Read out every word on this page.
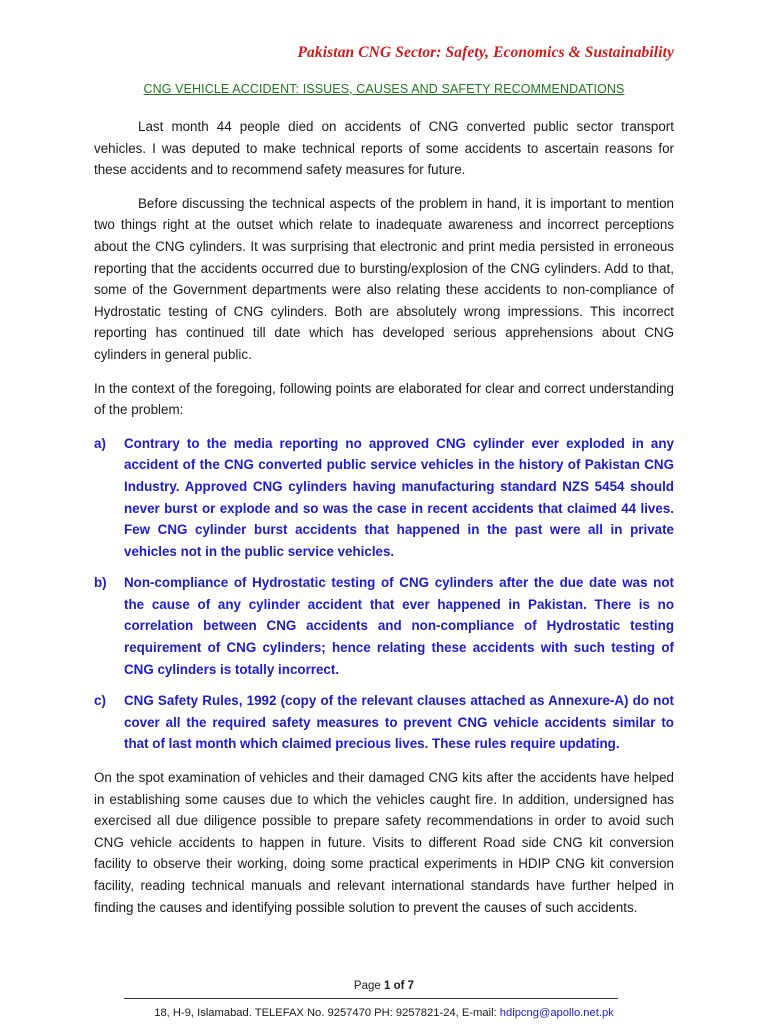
Pakistan CNG Sector: Safety, Economics & Sustainability
CNG VEHICLE ACCIDENT: ISSUES, CAUSES AND SAFETY RECOMMENDATIONS

Last month 44 people died on accidents of CNG converted public sector transport vehicles. I was deputed to make technical reports of some accidents to ascertain reasons for these accidents and to recommend safety measures for future.

Before discussing the technical aspects of the problem in hand, it is important to mention two things right at the outset which relate to inadequate awareness and incorrect perceptions about the CNG cylinders. It was surprising that electronic and print media persisted in erroneous reporting that the accidents occurred due to bursting/explosion of the CNG cylinders. Add to that, some of the Government departments were also relating these accidents to non-compliance of Hydrostatic testing of CNG cylinders. Both are absolutely wrong impressions. This incorrect reporting has continued till date which has developed serious apprehensions about CNG cylinders in general public.

In the context of the foregoing, following points are elaborated for clear and correct understanding of the problem:

a)	Contrary to the media reporting no approved CNG cylinder ever exploded in any accident of the CNG converted public service vehicles in the history of Pakistan CNG Industry. Approved CNG cylinders having manufacturing standard NZS 5454 should never burst or explode and so was the case in recent accidents that claimed 44 lives. Few CNG cylinder burst accidents that happened in the past were all in private vehicles not in the public service vehicles.
b)	Non-compliance of Hydrostatic testing of CNG cylinders after the due date was not the cause of any cylinder accident that ever happened in Pakistan. There is no correlation between CNG accidents and non-compliance of Hydrostatic testing requirement of CNG cylinders; hence relating these accidents with such testing of CNG cylinders is totally incorrect.
c)	CNG Safety Rules, 1992 (copy of the relevant clauses attached as Annexure-A) do not cover all the required safety measures to prevent CNG vehicle accidents similar to that of last month which claimed precious lives. These rules require updating.

On the spot examination of vehicles and their damaged CNG kits after the accidents have helped in establishing some causes due to which the vehicles caught fire. In addition, undersigned has exercised all due diligence possible to prepare safety recommendations in order to avoid such CNG vehicle accidents to happen in future. Visits to different Road side CNG kit conversion facility to observe their working, doing some practical experiments in HDIP CNG kit conversion facility, reading technical manuals and relevant international standards have further helped in finding the causes and identifying possible solution to prevent the causes of such accidents.

Page 1 of 7
18, H-9, Islamabad. TELEFAX No. 9257470 PH: 9257821-24, E-mail: hdipcng@apollo.net.pk
